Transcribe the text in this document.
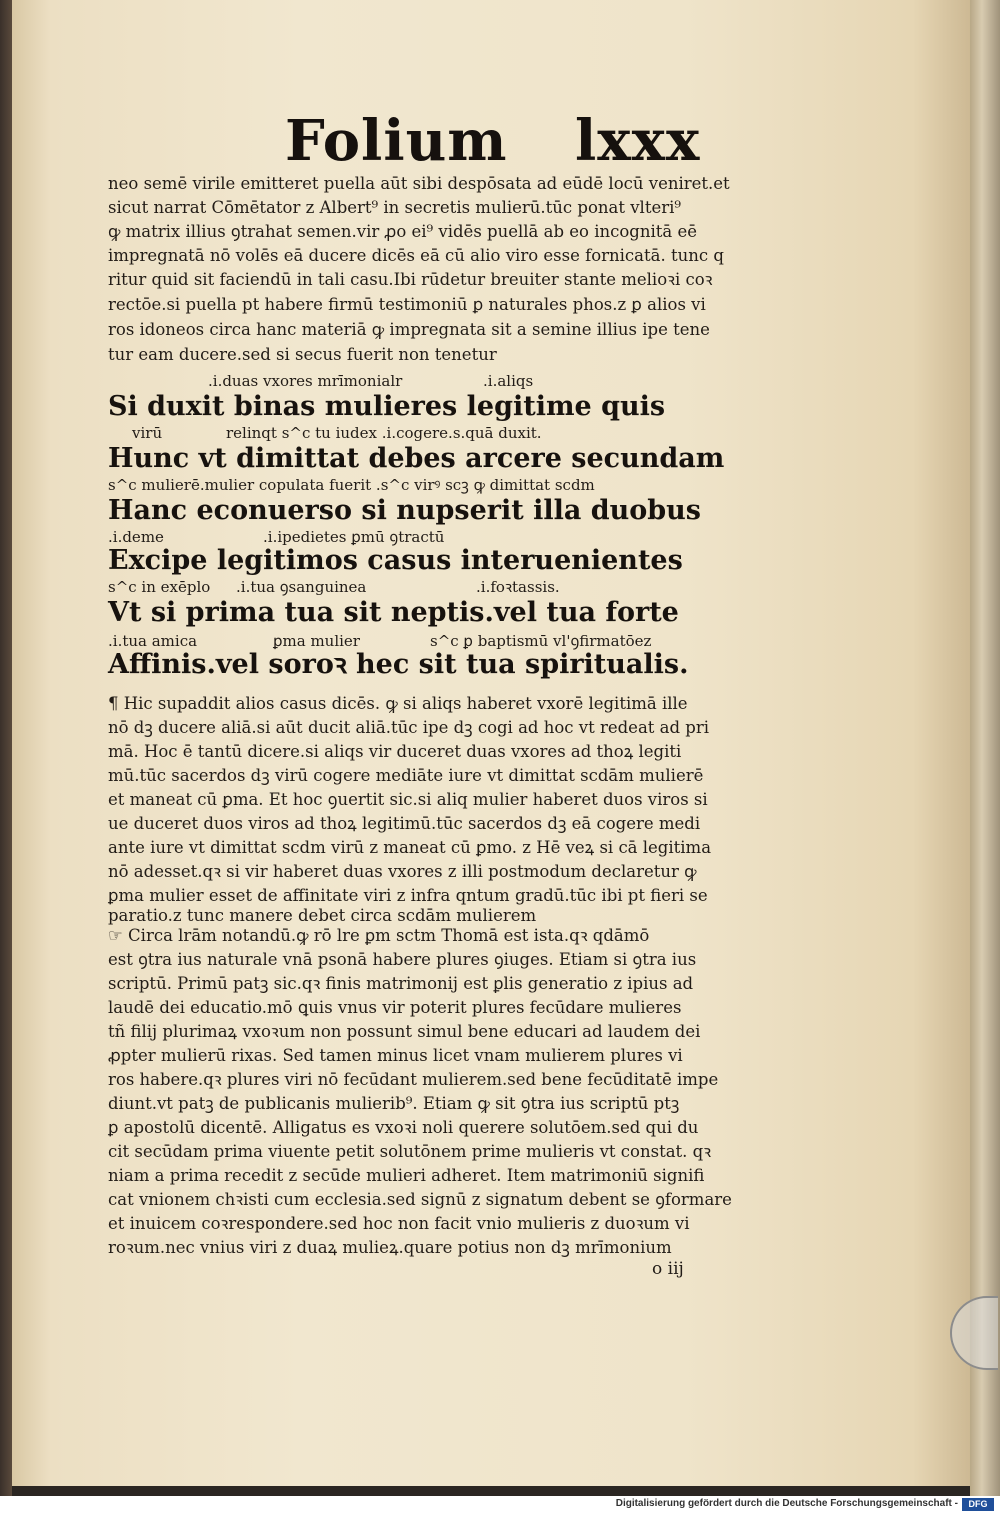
Folium lxxx
neo semē virile emitteret puella aūt sibi despōsata ad eūdē locū veniret.et
sicut narrat Cōmētator z Albert⁹ in secretis mulierū.tūc ponat vlteri⁹
ꝙ matrix illius ꝯtrahat semen.vir ꝓo ei⁹ vidēs puellā ab eo incognitā eē
impregnatā nō volēs eā ducere dicēs eā cū alio viro esse fornicatā. tunc q
ritur quid sit faciendū in tali casu.Ibi rūdetur breuiter stante melioꝛi coꝛ
rectōe.si puella pt habere firmū testimoniū ꝑ naturales phos.z ꝑ alios vi
ros idoneos circa hanc materiā ꝙ impregnata sit a semine illius ipe tene
tur eam ducere.sed si secus fuerit non tenetur
.i.duas vxores mrīmonialr	.i.aliqs
Si duxit binas mulieres legitime quis
virū	relinqt s^c tu iudex .i.cogere.s.quā duxit.
Hunc vt dimittat debes arcere secundam
s^c mulierē.mulier copulata fuerit .s^c virꝰ scꝫ ꝙ dimittat scdm
Hanc econuerso si nupserit illa duobus
.i.deme	.i.ipedietes ꝑmū ꝯtractū
Excipe legitimos casus interuenientes
s^c in exēplo .i.tua ꝯsanguinea	.i.foꝛtassis.
Vt si prima tua sit neptis.vel tua forte
.i.tua amica	ꝑma mulier	s^c ꝑ baptismū vl'ꝯfirmatōez
Affinis.vel soroꝛ hec sit tua spiritualis.
¶ Hic supaddit alios casus dicēs. ꝙ si aliqs haberet vxorē legitimā ille
nō dꝫ ducere aliā.si aūt ducit aliā.tūc ipe dꝫ cogi ad hoc vt redeat ad pri
mā. Hoc ē tantū dicere.si aliqs vir duceret duas vxores ad thoꝝ legiti
mū.tūc sacerdos dꝫ virū cogere mediāte iure vt dimittat scdām mulierē
et maneat cū ꝑma. Et hoc ꝯuertit sic.si aliq mulier haberet duos viros si
ue duceret duos viros ad thoꝝ legitimū.tūc sacerdos dꝫ eā cogere medi
ante iure vt dimittat scdm virū z maneat cū ꝑmo. z Hē veꝝ si cā legitima
nō adesset.qꝛ si vir haberet duas vxores z illi postmodum declaretur ꝙ
ꝑma mulier esset de affinitate viri z infra qntum gradū.tūc ibi pt fieri se
paratio.z tunc manere debet circa scdām mulierem
☞ Circa lrām notandū.ꝙ rō lre ꝑm sctm Thomā est ista.qꝛ qdāmō
est ꝯtra ius naturale vnā psonā habere plures ꝯiuges. Etiam si ꝯtra ius
scriptū. Primū patꝫ sic.qꝛ finis matrimonij est ꝑlis generatio z ipius ad
laudē dei educatio.mō ꝗuis vnus vir poterit plures fecūdare mulieres
tñ filij plurimaꝝ vxoꝛum non possunt simul bene educari ad laudem dei
ꝓpter mulierū rixas. Sed tamen minus licet vnam mulierem plures vi
ros habere.qꝛ plures viri nō fecūdant mulierem.sed bene fecūditatē impe
diunt.vt patꝫ de publicanis mulierib⁹. Etiam ꝙ sit ꝯtra ius scriptū ptꝫ
ꝑ apostolū dicentē. Alligatus es vxoꝛi noli querere solutōem.sed qui du
cit secūdam prima viuente petit solutōnem prime mulieris vt constat. qꝛ
niam a prima recedit z secūde mulieri adheret. Item matrimoniū signifi
cat vnionem chꝛisti cum ecclesia.sed signū z signatum debent se ꝯformare
et inuicem coꝛrespondere.sed hoc non facit vnio mulieris z duoꝛum vi
roꝛum.nec vnius viri z duaꝝ mulieꝝ.quare potius non dꝫ mrīmonium
o iij
Digitalisierung gefördert durch die Deutsche Forschungsgemeinschaft -	DFG
